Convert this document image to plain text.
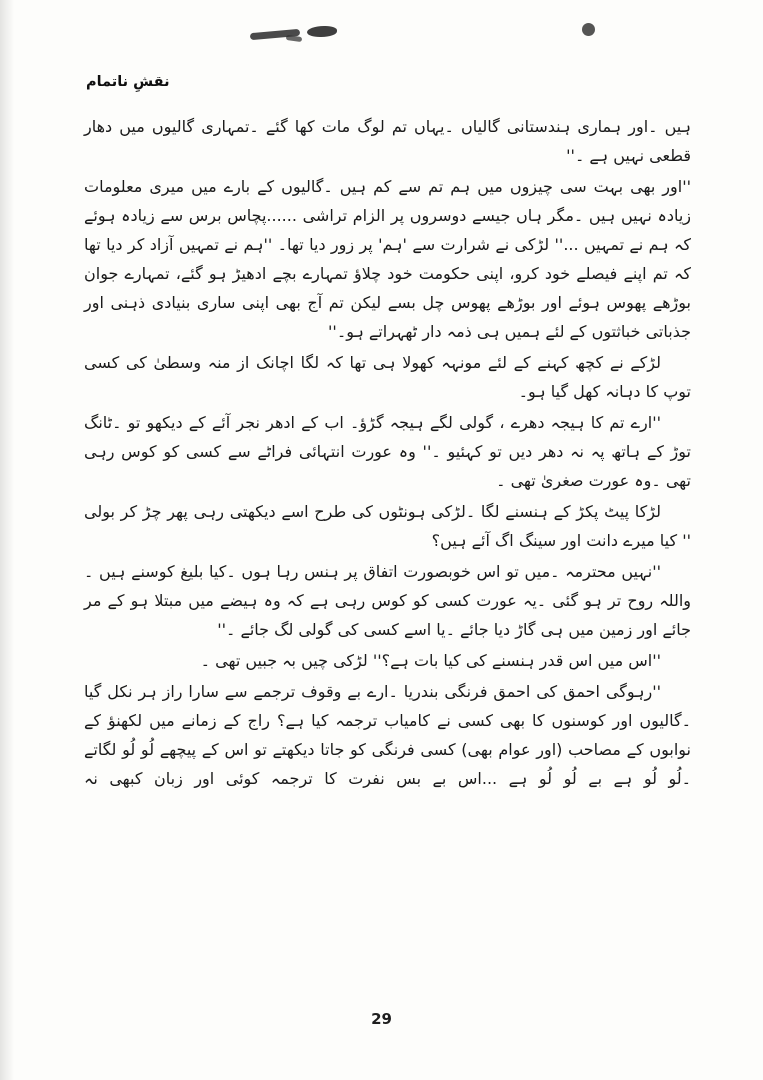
نقشِ ناتمام

ہیں ۔اور ہماری ہندستانی گالیاں ۔یہاں تم لوگ مات کھا گئے ۔تمہاری گالیوں میں دھار قطعی نہیں ہے ۔''

''اور بھی بہت سی چیزوں میں ہم تم سے کم ہیں ۔گالیوں کے بارے میں میری معلومات زیادہ نہیں ہیں ۔مگر ہاں جیسے دوسروں پر الزام تراشی ......پچاس برس سے زیادہ ہوئے کہ ہم نے تمہیں ...'' لڑکی نے شرارت سے 'ہم' پر زور دیا تھا۔ ''ہم نے تمہیں آزاد کر دیا تھا کہ تم اپنے فیصلے خود کرو، اپنی حکومت خود چلاؤ تمہارے بچے ادھیڑ ہو گئے، تمہارے جوان بوڑھے پھوس ہوئے اور بوڑھے پھوس چل بسے لیکن تم آج بھی اپنی ساری بنیادی ذہنی اور جذباتی خباثتوں کے لئے ہمیں ہی ذمہ دار ٹھہراتے ہو۔''

لڑکے نے کچھ کہنے کے لئے مونہہ کھولا ہی تھا کہ لگا اچانک از منہ وسطیٰ کی کسی توپ کا دہانہ کھل گیا ہو۔

''ارے تم کا ہیجہ دھرے ، گولی لگے ہیجہ گڑؤ۔ اب کے ادھر نجر آئے کے دیکھو تو ۔ٹانگ توڑ کے ہاتھ پہ نہ دھر دیں تو کہئیو ۔'' وہ عورت انتہائی فراٹے سے کسی کو کوس رہی تھی ۔وہ عورت صغریٰ تھی ۔

لڑکا پیٹ پکڑ کے ہنسنے لگا ۔لڑکی ہونٹوں کی طرح اسے دیکھتی رہی پھر چڑ کر بولی '' کیا میرے دانت اور سینگ اگ آئے ہیں؟

''نہیں محترمہ ۔میں تو اس خوبصورت اتفاق پر ہنس رہا ہوں ۔کیا بلیغ کوسنے ہیں ۔واللہ روح تر ہو گئی ۔یہ عورت کسی کو کوس رہی ہے کہ وہ ہیضے میں مبتلا ہو کے مر جائے اور زمین میں ہی گاڑ دیا جائے ۔یا اسے کسی کی گولی لگ جائے ۔''

''اس میں اس قدر ہنسنے کی کیا بات ہے؟'' لڑکی چیں بہ جبیں تھی ۔

''رہوگی احمق کی احمق فرنگی بندریا ۔ارے بے وقوف ترجمے سے سارا راز ہر نکل گیا ۔گالیوں اور کوسنوں کا بھی کسی نے کامیاب ترجمہ کیا ہے؟ راج کے زمانے میں لکھنؤ کے نوابوں کے مصاحب (اور عوام بھی) کسی فرنگی کو جاتا دیکھتے تو اس کے پیچھے لُو لُو لگاتے ۔لُو لُو ہے بے لُو لُو ہے ...اس بے بس نفرت کا ترجمہ کوئی اور زبان کبھی نہ

29
